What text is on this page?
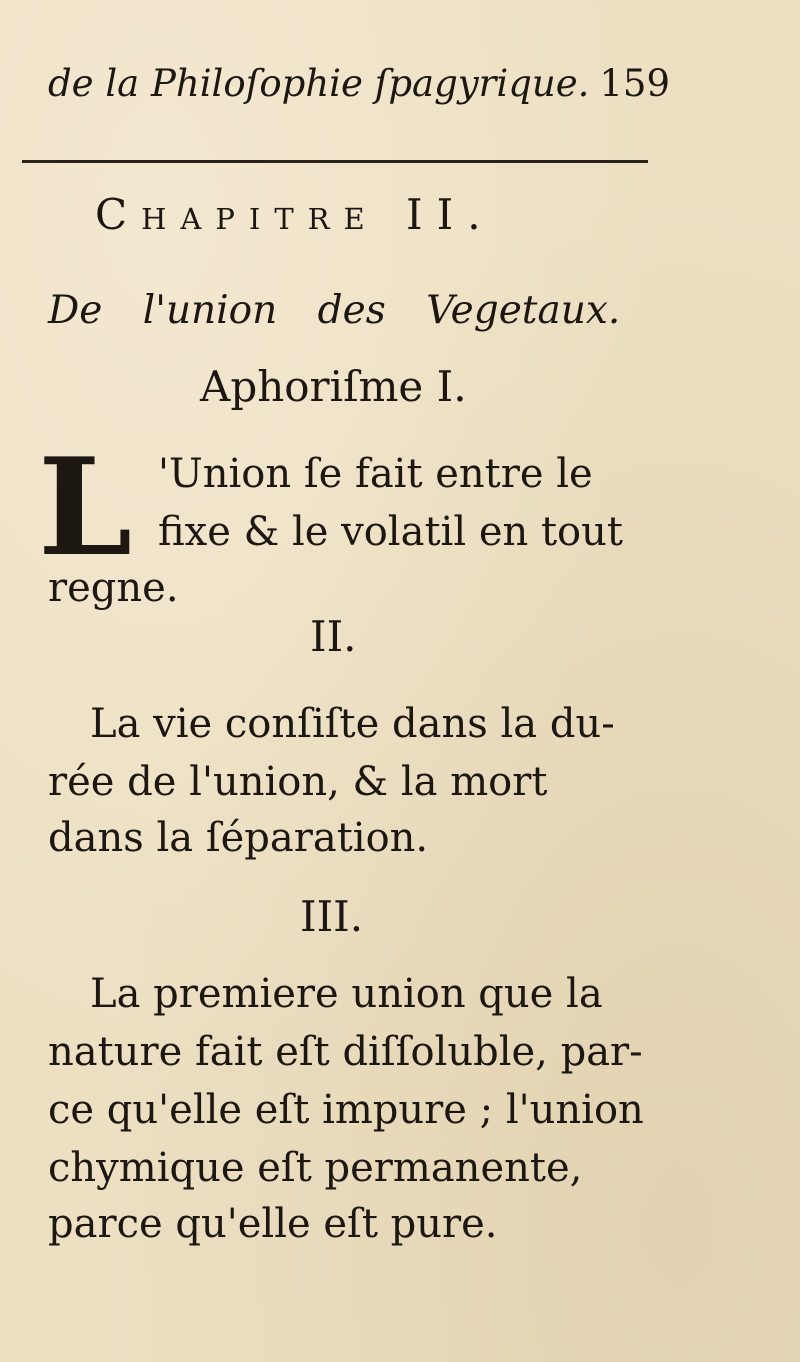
de la Philoſophie ſpagyrique. 159
Chapitre II.
De l'union des Vegetaux.
Aphoriſme I.
L 'Union ſe fait entre le
fixe & le volatil en tout
regne.
II.
La vie conſiſte dans la du-
rée de l'union, & la mort
dans la ſéparation.
III.
La premiere union que la
nature fait eſt diſſoluble, par-
ce qu'elle eſt impure ; l'union
chymique eſt permanente,
parce qu'elle eſt pure.
